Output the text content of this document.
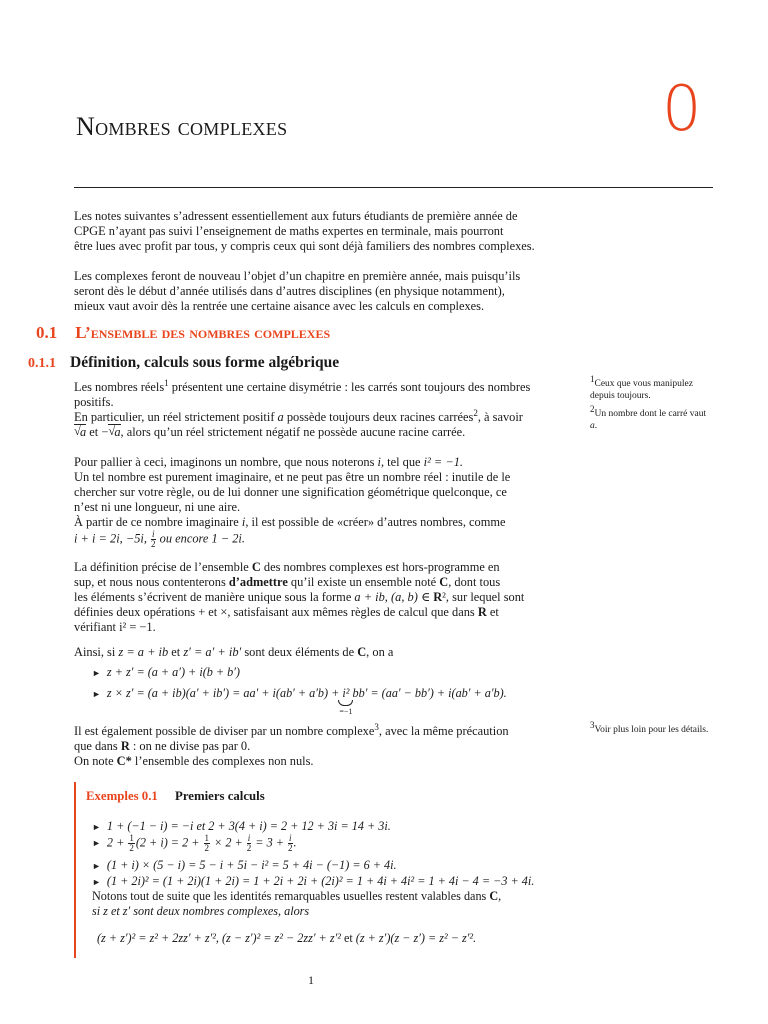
Nombres complexes	0
Les notes suivantes s’adressent essentiellement aux futurs étudiants de première année de
CPGE n’ayant pas suivi l’enseignement de maths expertes en terminale, mais pourront
être lues avec profit par tous, y compris ceux qui sont déjà familiers des nombres complexes.
Les complexes feront de nouveau l’objet d’un chapitre en première année, mais puisqu’ils
seront dès le début d’année utilisés dans d’autres disciplines (en physique notamment),
mieux vaut avoir dès la rentrée une certaine aisance avec les calculs en complexes.
0.1 L’ensemble des nombres complexes
0.1.1 Définition, calculs sous forme algébrique
Les nombres réels$^1$ présentent une certaine disymétrie : les carrés sont toujours des nombres
positifs.
En particulier, un réel strictement positif a possède toujours deux racines carrées$^2$, à savoir
√ a et − √ a, alors qu’un réel strictement négatif ne possède aucune racine carrée.
Pour pallier à ceci, imaginons un nombre, que nous noterons i, tel que i² = −1.
Un tel nombre est purement imaginaire, et ne peut pas être un nombre réel : inutile de le
chercher sur votre règle, ou de lui donner une signification géométrique quelconque, ce
n’est ni une longueur, ni une aire.
À partir de ce nombre imaginaire i, il est possible de «créer» d’autres nombres, comme
i + i = 2i, −5i, $\frac{i}{2}$ ou encore 1 − 2i.
La définition précise de l’ensemble C des nombres complexes est hors-programme en
sup, et nous nous contenterons d’admettre qu’il existe un ensemble noté C, dont tous
les éléments s’écrivent de manière unique sous la forme a + ib, (a, b) ∈ R², sur lequel sont
définies deux opérations + et ×, satisfaisant aux mêmes règles de calcul que dans R et
vérifiant i² = −1.
Ainsi, si z = a + ib et z′ = a′ + ib′ sont deux éléments de C, on a
► z + z′ = (a + a′) + i(b + b′)
► z × z′ = (a + ib)(a′ + ib′) = aa′ + i(ab′ + a′b) + i²
=−1
bb′ = (aa′ − bb′) + i(ab′ + a′b).
Il est également possible de diviser par un nombre complexe$^3$, avec la même précaution
que dans R : on ne divise pas par 0.
On note C* l’ensemble des complexes non nuls.
$^1$Ceux que vous manipulez depuis toujours.
$^2$Un nombre dont le carré vaut a.
$^3$Voir plus loin pour les détails.
Exemples 0.1 Premiers calculs
► 1 + (−1 − i) = −i et 2 + 3(4 + i) = 2 + 12 + 3i = 14 + 3i.
► $2 + \frac{1}{2} (2 + i) = 2 + \frac{1}{2} \times 2 + \frac{i}{2} = 3 + \frac{i}{2}$ .
► (1 + i) × (5 − i) = 5 − i + 5i − i² = 5 + 4i − (−1) = 6 + 4i.
► (1 + 2i)² = (1 + 2i)(1 + 2i) = 1 + 2i + 2i + (2i)² = 1 + 4i + 4i² = 1 + 4i − 4 = −3 + 4i.
Notons tout de suite que les identités remarquables usuelles restent valables dans C,
si z et z′ sont deux nombres complexes, alors
(z + z′)² = z² + 2zz′ + z′², (z − z′)² = z² − 2zz′ + z′² et (z + z′)(z − z′) = z² − z′².
1
